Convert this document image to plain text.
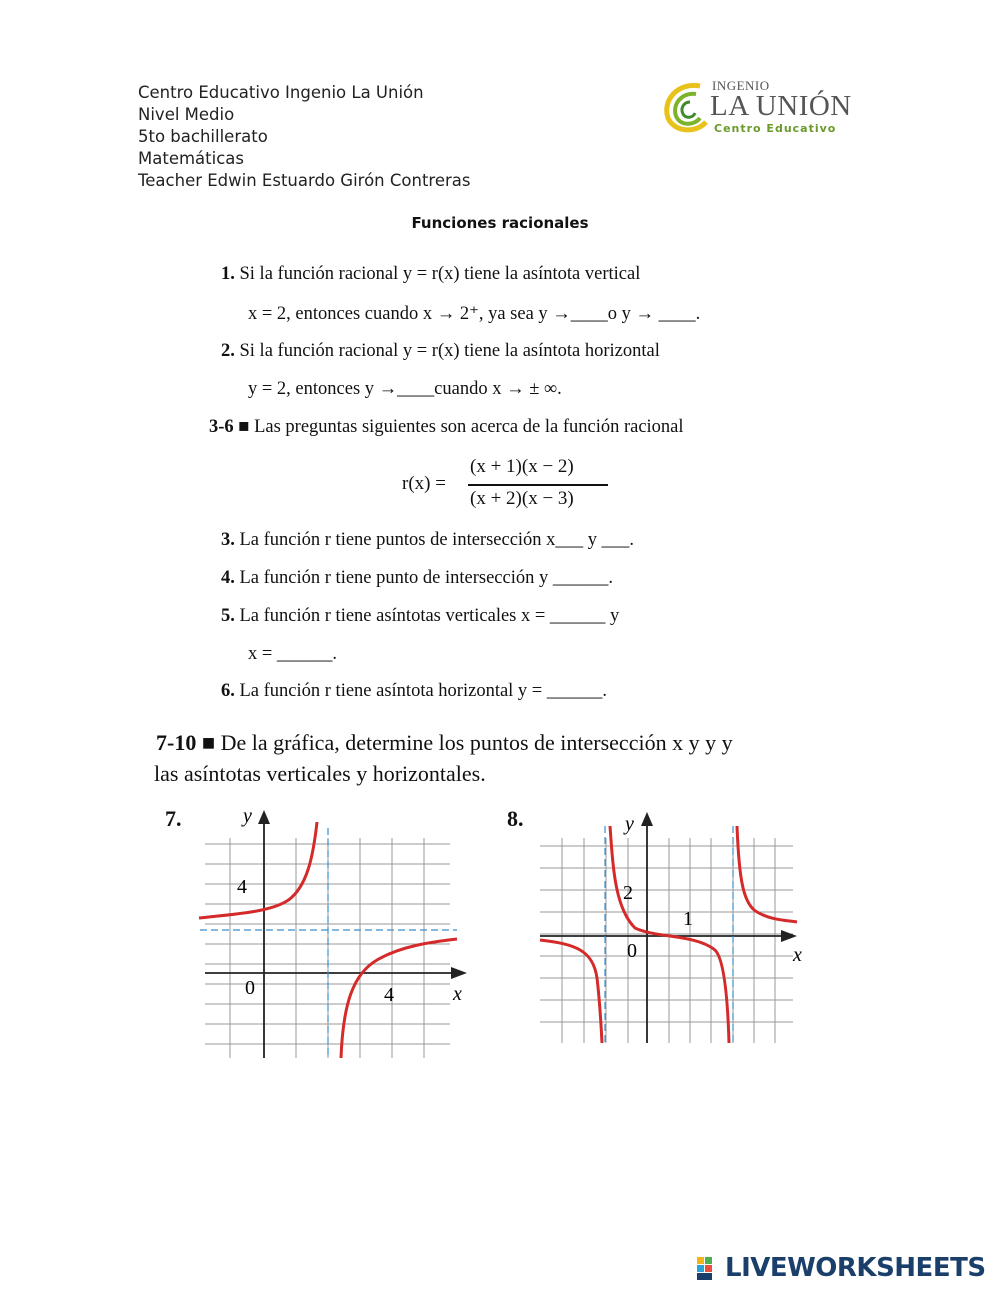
Centro Educativo Ingenio La Unión
Nivel Medio
5to bachillerato
Matemáticas
Teacher Edwin Estuardo Girón Contreras
INGENIO
LA UNIÓN
Centro Educativo
Funciones racionales
1. Si la función racional y = r(x) tiene la asíntota vertical
x = 2, entonces cuando x → 2⁺, ya sea y →____o y → ____.
2. Si la función racional y = r(x) tiene la asíntota horizontal
y = 2, entonces y →____cuando x → ± ∞.
3-6 ■ Las preguntas siguientes son acerca de la función racional
r(x) =
(x + 1)(x − 2)
(x + 2)(x − 3)
3. La función r tiene puntos de intersección x___ y ___.
4. La función r tiene punto de intersección y ______.
5. La función r tiene asíntotas verticales x = ______ y
x = ______.
6. La función r tiene asíntota horizontal y = ______.
7-10 ■ De la gráfica, determine los puntos de intersección x y y y
las asíntotas verticales y horizontales.
7.	y
x
4
4
0
8.	y
x
2
1
0
LIVEWORKSHEETS
